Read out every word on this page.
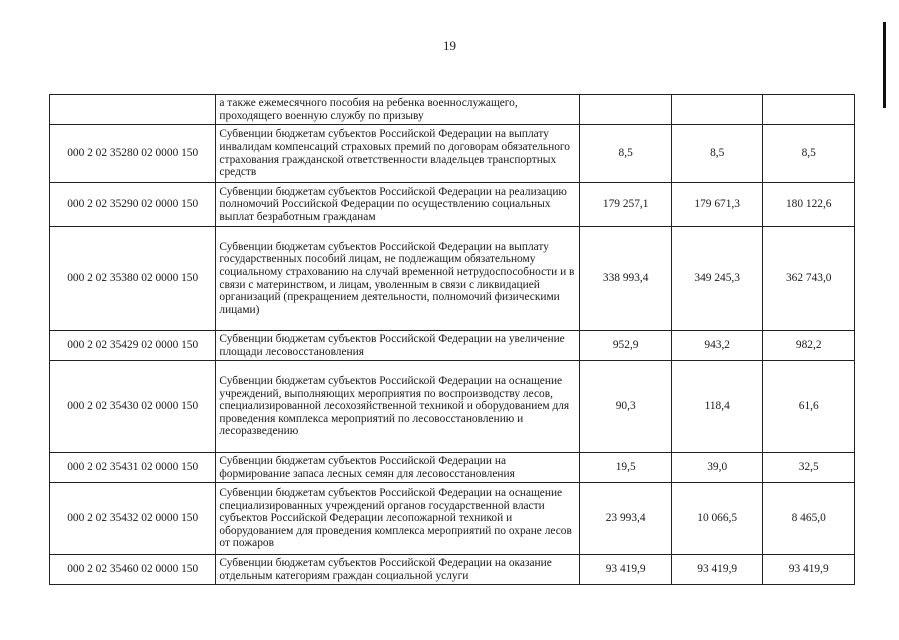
19

	а также ежемесячного пособия на ребенка военнослужащего, проходящего военную службу по призыву			

000 2 02 35280 02 0000 150	Субвенции бюджетам субъектов Российской Федерации на выплату инвалидам компенсаций страховых премий по договорам обязательного страхования гражданской ответственности владельцев транспортных средств	8,5	8,5	8,5
000 2 02 35290 02 0000 150	Субвенции бюджетам субъектов Российской Федерации на реализацию полномочий Российской Федерации по осуществлению социальных выплат безработным гражданам	179 257,1	179 671,3	180 122,6
000 2 02 35380 02 0000 150	Субвенции бюджетам субъектов Российской Федерации на выплату государственных пособий лицам, не подлежащим обязательному социальному страхованию на случай временной нетрудоспособности и в связи с материнством, и лицам, уволенным в связи с ликвидацией организаций (прекращением деятельности, полномочий физическими лицами)	338 993,4	349 245,3	362 743,0
000 2 02 35429 02 0000 150	Субвенции бюджетам субъектов Российской Федерации на увеличение площади лесовосстановления	952,9	943,2	982,2
000 2 02 35430 02 0000 150	Субвенции бюджетам субъектов Российской Федерации на оснащение учреждений, выполняющих мероприятия по воспроизводству лесов, специализированной лесохозяйственной техникой и оборудованием для проведения комплекса мероприятий по лесовосстановлению и лесоразведению	90,3	118,4	61,6
000 2 02 35431 02 0000 150	Субвенции бюджетам субъектов Российской Федерации на формирование запаса лесных семян для лесовосстановления	19,5	39,0	32,5
000 2 02 35432 02 0000 150	Субвенции бюджетам субъектов Российской Федерации на оснащение специализированных учреждений органов государственной власти субъектов Российской Федерации лесопожарной техникой и оборудованием для проведения комплекса мероприятий по охране лесов от пожаров	23 993,4	10 066,5	8 465,0
000 2 02 35460 02 0000 150	Субвенции бюджетам субъектов Российской Федерации на оказание отдельным категориям граждан социальной услуги	93 419,9	93 419,9	93 419,9
